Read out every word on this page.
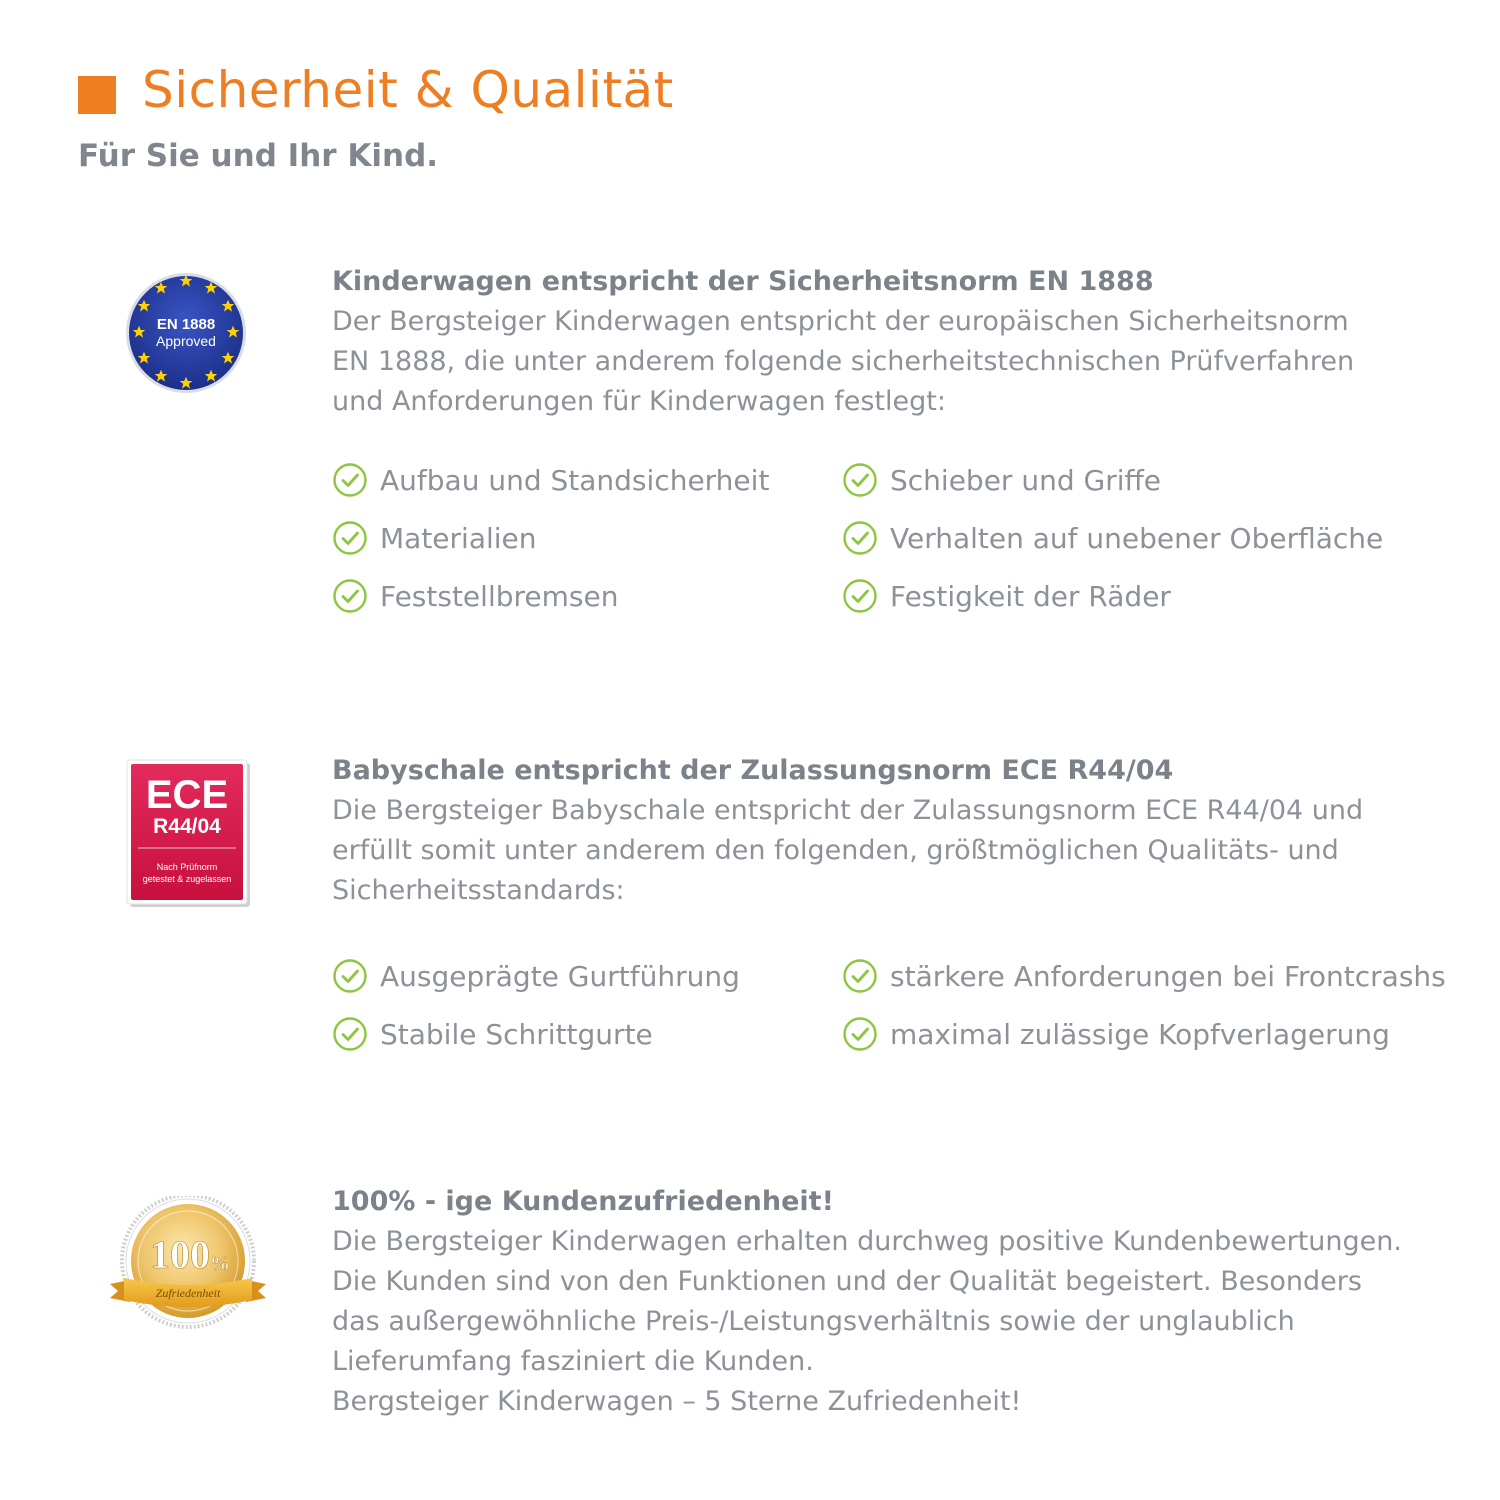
Sicherheit & Qualität
Für Sie und Ihr Kind.
EN 1888
Approved
Kinderwagen entspricht der Sicherheitsnorm EN 1888

Der Bergsteiger Kinderwagen entspricht der europäischen Sicherheitsnorm
EN 1888, die unter anderem folgende sicherheitstechnischen Prüfverfahren
und Anforderungen für Kinderwagen festlegt:

Aufbau und Standsicherheit	Schieber und Griffe
Materialien	Verhalten auf unebener Oberfläche
Feststellbremsen	Festigkeit der Räder
ECE
R44/04
Nach Prüfnorm
getestet & zugelassen
Babyschale entspricht der Zulassungsnorm ECE R44/04

Die Bergsteiger Babyschale entspricht der Zulassungsnorm ECE R44/04 und
erfüllt somit unter anderem den folgenden, größtmöglichen Qualitäts- und
Sicherheitsstandards:

Ausgeprägte Gurtführung	stärkere Anforderungen bei Frontcrashs
Stabile Schrittgurte	maximal zulässige Kopfverlagerung
100 %
Zufriedenheit
100% - ige Kundenzufriedenheit!

Die Bergsteiger Kinderwagen erhalten durchweg positive Kundenbewertungen.
Die Kunden sind von den Funktionen und der Qualität begeistert. Besonders
das außergewöhnliche Preis-/Leistungsverhältnis sowie der unglaublich
Lieferumfang fasziniert die Kunden.
Bergsteiger Kinderwagen – 5 Sterne Zufriedenheit!
